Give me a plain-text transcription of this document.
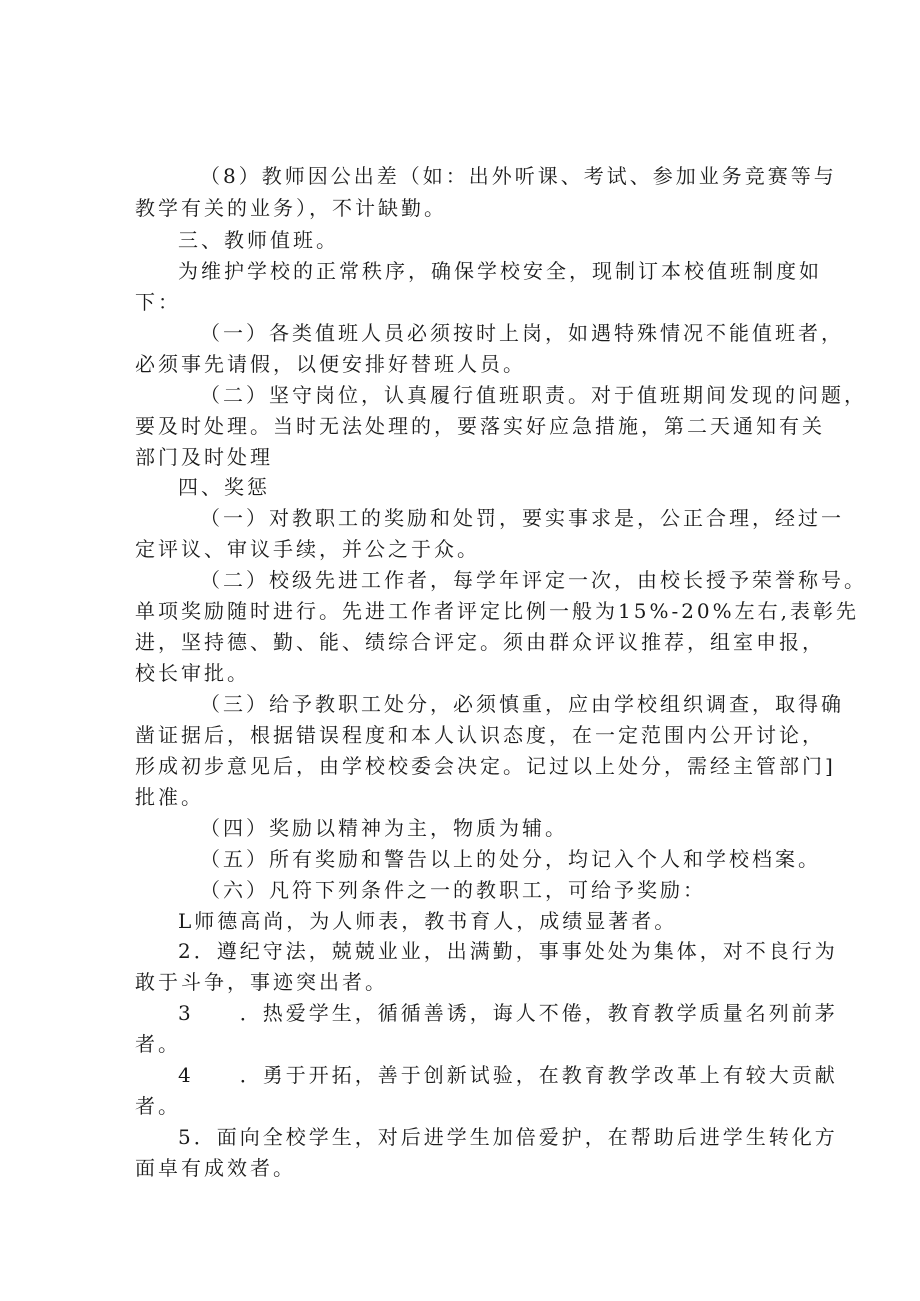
（8）教师因公出差（如：出外听课、考试、参加业务竞赛等与
教学有关的业务），不计缺勤。
三、教师值班。
为维护学校的正常秩序，确保学校安全，现制订本校值班制度如
下：
（一）各类值班人员必须按时上岗，如遇特殊情况不能值班者，
必须事先请假，以便安排好替班人员。
（二）坚守岗位，认真履行值班职责。对于值班期间发现的问题，
要及时处理。当时无法处理的，要落实好应急措施，第二天通知有关
部门及时处理
四、奖惩
（一）对教职工的奖励和处罚，要实事求是，公正合理，经过一
定评议、审议手续，并公之于众。
（二）校级先进工作者，每学年评定一次，由校长授予荣誉称号。
单项奖励随时进行。先进工作者评定比例一般为15%-20%左右,表彰先
进，坚持德、勤、能、绩综合评定。须由群众评议推荐，组室申报，
校长审批。
（三）给予教职工处分，必须慎重，应由学校组织调查，取得确
凿证据后，根据错误程度和本人认识态度，在一定范围内公开讨论，
形成初步意见后，由学校校委会决定。记过以上处分，需经主管部门]
批准。
（四）奖励以精神为主，物质为辅。
（五）所有奖励和警告以上的处分，均记入个人和学校档案。
（六）凡符下列条件之一的教职工，可给予奖励：
L师德高尚，为人师表，教书育人，成绩显著者。
2．遵纪守法，兢兢业业，出满勤，事事处处为集体，对不良行为
敢于斗争，事迹突出者。
3　　．热爱学生，循循善诱，诲人不倦，教育教学质量名列前茅
者。
4　　．勇于开拓，善于创新试验，在教育教学改革上有较大贡献
者。
5．面向全校学生，对后进学生加倍爱护，在帮助后进学生转化方
面卓有成效者。
